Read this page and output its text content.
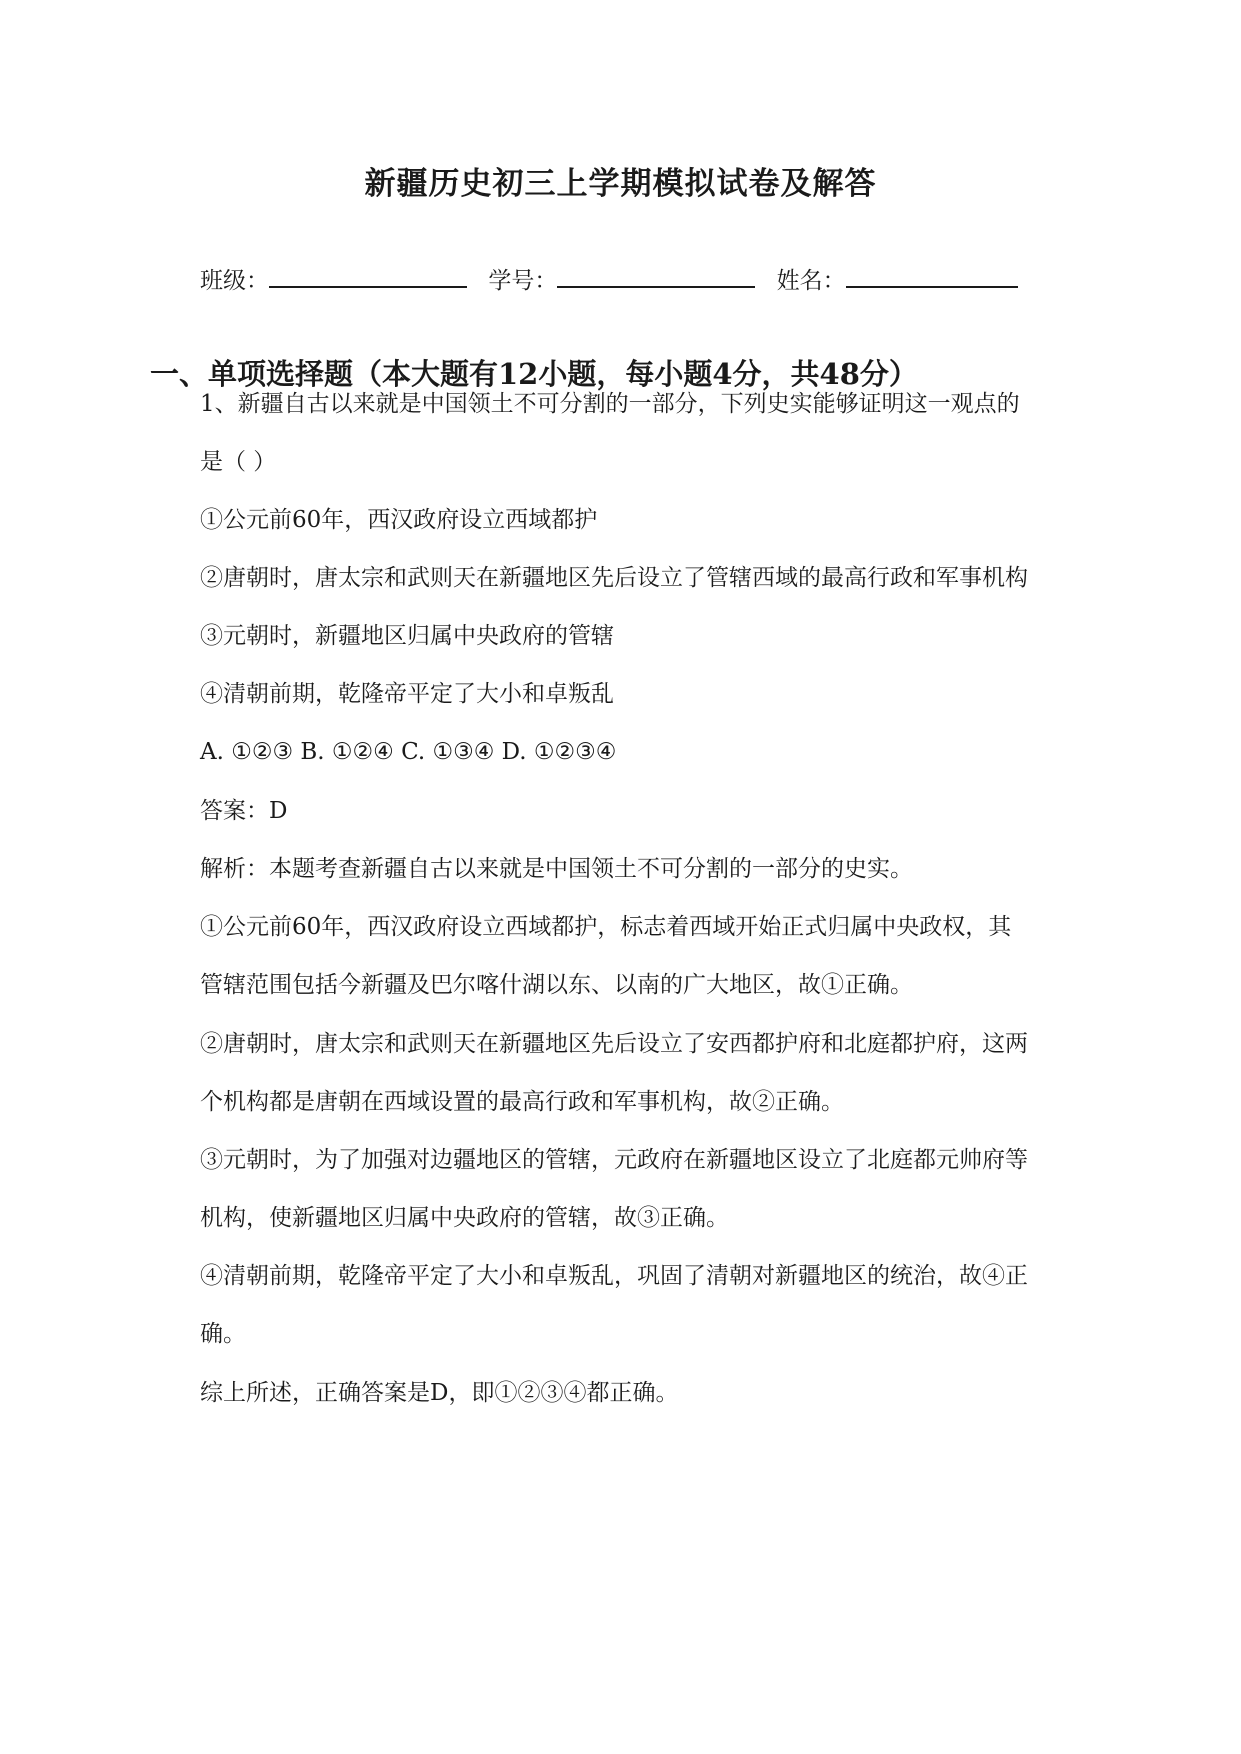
新疆历史初三上学期模拟试卷及解答
班级：	学号：	姓名：
一、单项选择题（本大题有12小题，每小题4分，共48分）
1、新疆自古以来就是中国领土不可分割的一部分，下列史实能够证明这一观点的
是（ ）
①公元前60年，西汉政府设立西域都护
②唐朝时，唐太宗和武则天在新疆地区先后设立了管辖西域的最高行政和军事机构
③元朝时，新疆地区归属中央政府的管辖
④清朝前期，乾隆帝平定了大小和卓叛乱
A. ①②③ B. ①②④ C. ①③④ D. ①②③④
答案：D
解析：本题考查新疆自古以来就是中国领土不可分割的一部分的史实。
①公元前60年，西汉政府设立西域都护，标志着西域开始正式归属中央政权，其
管辖范围包括今新疆及巴尔喀什湖以东、以南的广大地区，故①正确。
②唐朝时，唐太宗和武则天在新疆地区先后设立了安西都护府和北庭都护府，这两
个机构都是唐朝在西域设置的最高行政和军事机构，故②正确。
③元朝时，为了加强对边疆地区的管辖，元政府在新疆地区设立了北庭都元帅府等
机构，使新疆地区归属中央政府的管辖，故③正确。
④清朝前期，乾隆帝平定了大小和卓叛乱，巩固了清朝对新疆地区的统治，故④正
确。
综上所述，正确答案是D，即①②③④都正确。
